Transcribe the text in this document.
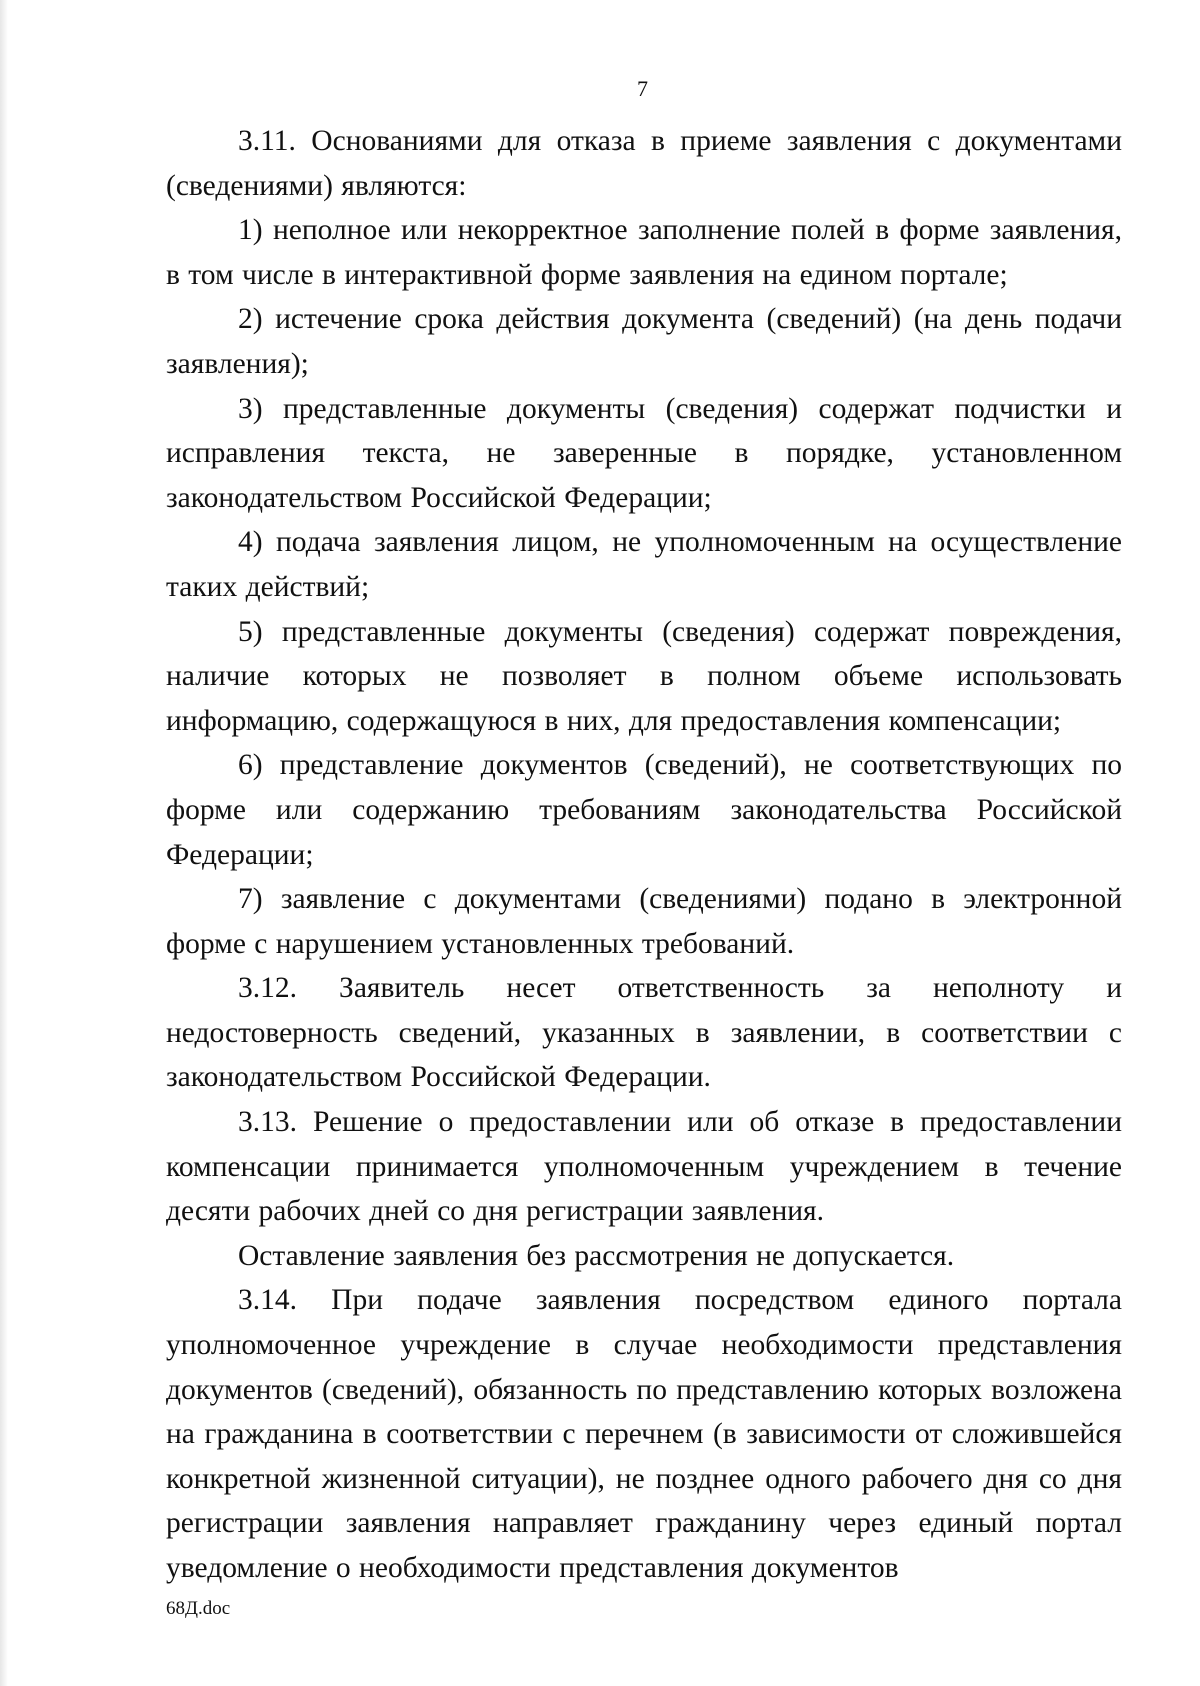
7

3.11. Основаниями для отказа в приеме заявления с документами (сведениями) являются:

1) неполное или некорректное заполнение полей в форме заявления, в том числе в интерактивной форме заявления на едином портале;

2) истечение срока действия документа (сведений) (на день подачи заявления);

3) представленные документы (сведения) содержат подчистки и исправления текста, не заверенные в порядке, установленном законодательством Российской Федерации;

4) подача заявления лицом, не уполномоченным на осуществление таких действий;

5) представленные документы (сведения) содержат повреждения, наличие которых не позволяет в полном объеме использовать информацию, содержащуюся в них, для предоставления компенсации;

6) представление документов (сведений), не соответствующих по форме или содержанию требованиям законодательства Российской Федерации;

7) заявление с документами (сведениями) подано в электронной форме с нарушением установленных требований.

3.12. Заявитель несет ответственность за неполноту и недостоверность сведений, указанных в заявлении, в соответствии с законодательством Российской Федерации.

3.13. Решение о предоставлении или об отказе в предоставлении компенсации принимается уполномоченным учреждением в течение десяти рабочих дней со дня регистрации заявления.

Оставление заявления без рассмотрения не допускается.

3.14. При подаче заявления посредством единого портала уполномоченное учреждение в случае необходимости представления документов (сведений), обязанность по представлению которых возложена на гражданина в соответствии с перечнем (в зависимости от сложившейся конкретной жизненной ситуации), не позднее одного рабочего дня со дня регистрации заявления направляет гражданину через единый портал уведомление о необходимости представления документов

68Д.doc
